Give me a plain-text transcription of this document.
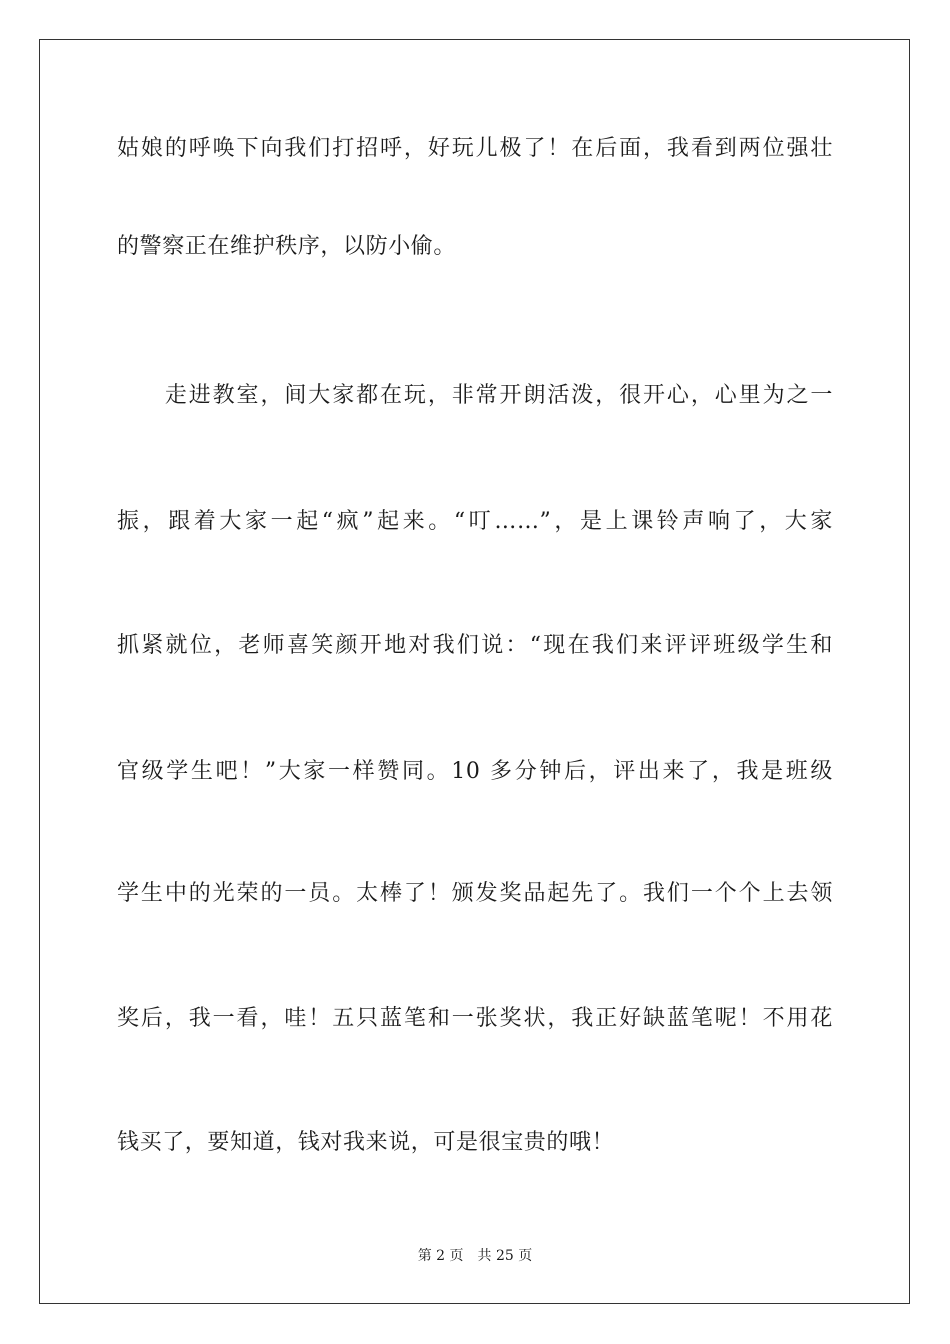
姑娘的呼唤下向我们打招呼，好玩儿极了！在后面，我看到两位强壮
的警察正在维护秩序，以防小偷。
　　走进教室，间大家都在玩，非常开朗活泼，很开心，心里为之一
振，跟着大家一起“疯”起来。“叮……”，是上课铃声响了，大家
抓紧就位，老师喜笑颜开地对我们说：“现在我们来评评班级学生和
官级学生吧！”大家一样赞同。10 多分钟后，评出来了，我是班级
学生中的光荣的一员。太棒了！颁发奖品起先了。我们一个个上去领
奖后，我一看，哇！五只蓝笔和一张奖状，我正好缺蓝笔呢！不用花
钱买了，要知道，钱对我来说，可是很宝贵的哦！
第 2 页 共 25 页
